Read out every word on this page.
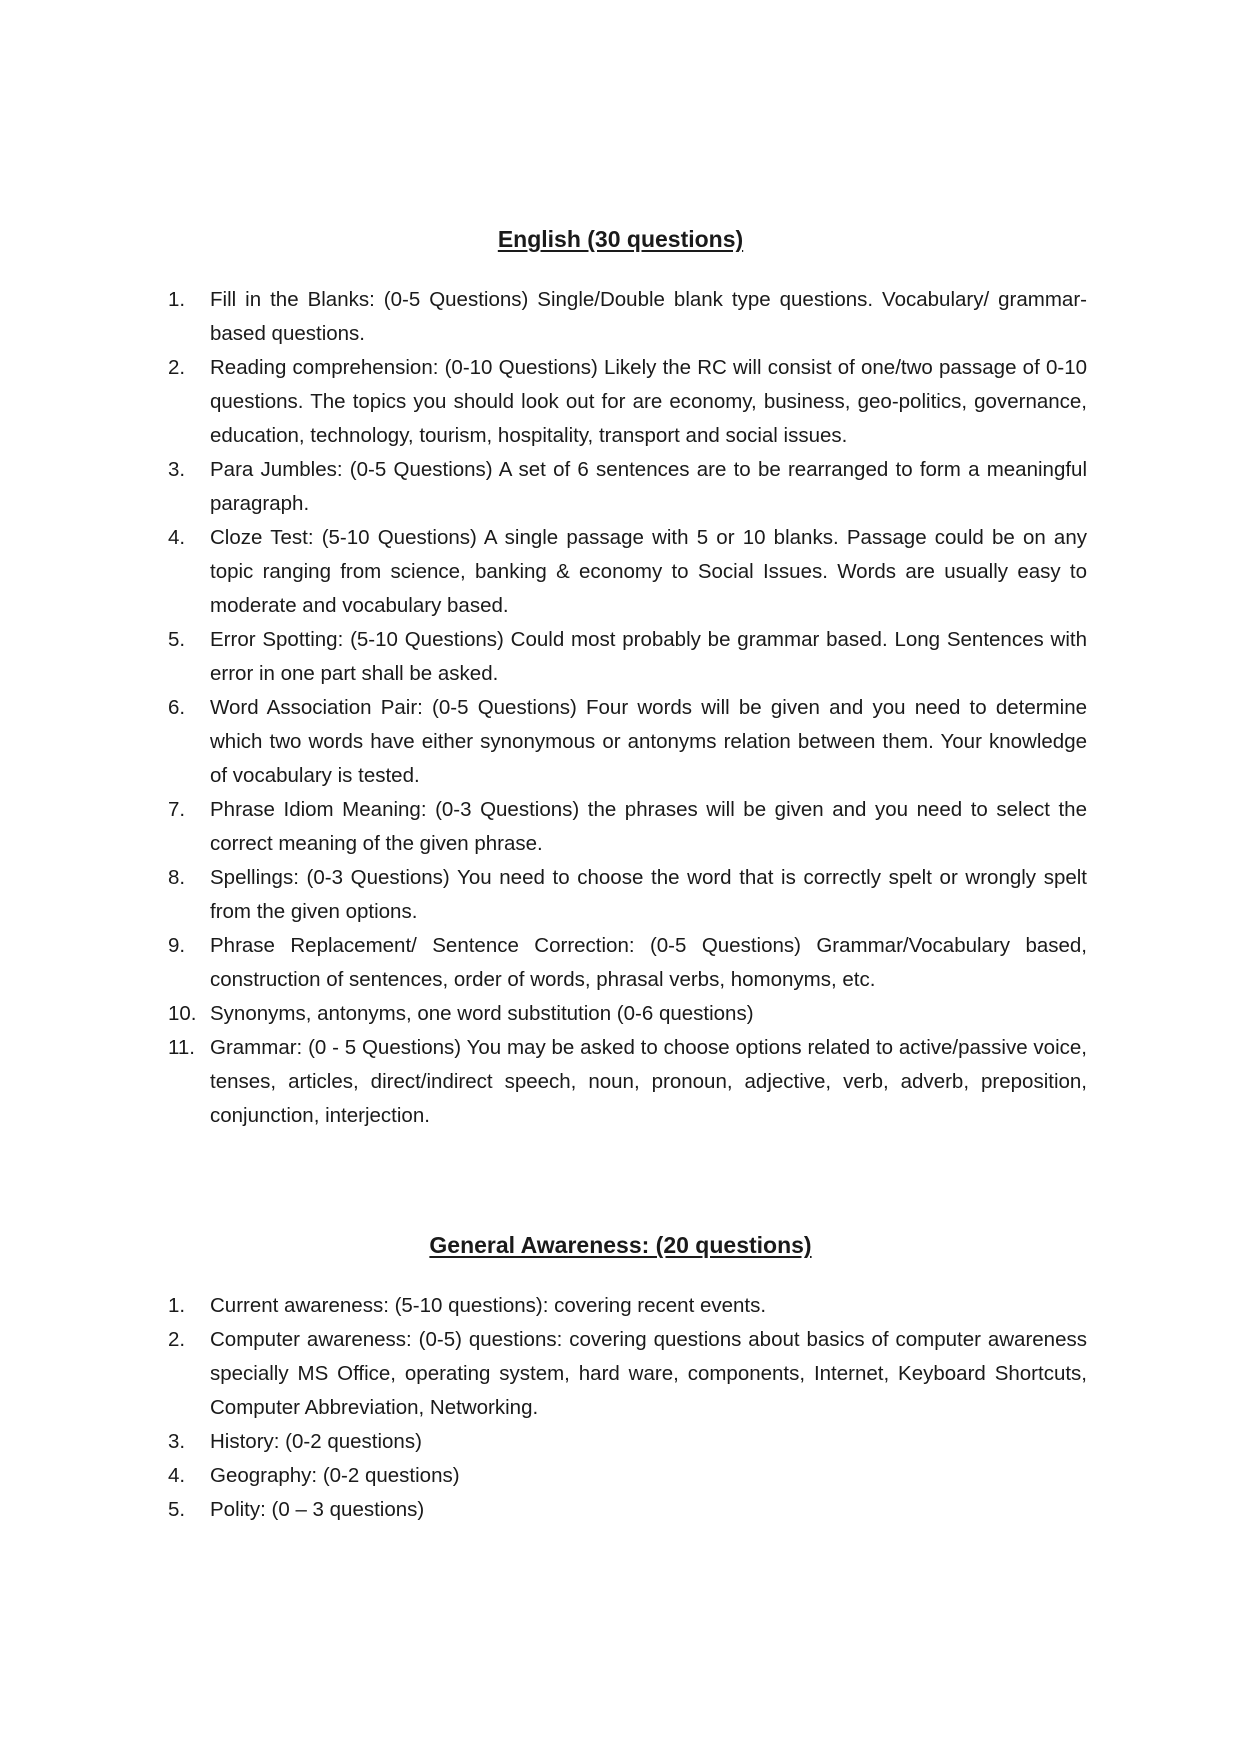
English (30 questions)
1.	Fill in the Blanks: (0-5 Questions) Single/Double blank type questions. Vocabulary/ grammar-based questions.
2.	Reading comprehension: (0-10 Questions) Likely the RC will consist of one/two passage of 0-10 questions. The topics you should look out for are economy, business, geo-politics, governance, education, technology, tourism, hospitality, transport and social issues.
3.	Para Jumbles: (0-5 Questions) A set of 6 sentences are to be rearranged to form a meaningful paragraph.
4.	Cloze Test: (5-10 Questions) A single passage with 5 or 10 blanks. Passage could be on any topic ranging from science, banking & economy to Social Issues. Words are usually easy to moderate and vocabulary based.
5.	Error Spotting: (5-10 Questions) Could most probably be grammar based. Long Sentences with error in one part shall be asked.
6.	Word Association Pair: (0-5 Questions) Four words will be given and you need to determine which two words have either synonymous or antonyms relation between them. Your knowledge of vocabulary is tested.
7.	Phrase Idiom Meaning: (0-3 Questions) the phrases will be given and you need to select the correct meaning of the given phrase.
8.	Spellings: (0-3 Questions) You need to choose the word that is correctly spelt or wrongly spelt from the given options.
9.	Phrase Replacement/ Sentence Correction: (0-5 Questions) Grammar/Vocabulary based, construction of sentences, order of words, phrasal verbs, homonyms, etc.
10. Synonyms, antonyms, one word substitution (0-6 questions)
11. Grammar: (0 - 5 Questions) You may be asked to choose options related to active/passive voice, tenses, articles, direct/indirect speech, noun, pronoun, adjective, verb, adverb, preposition, conjunction, interjection.
General Awareness: (20 questions)
1.	Current awareness: (5-10 questions): covering recent events.
2.	Computer awareness: (0-5) questions: covering questions about basics of computer awareness specially MS Office, operating system, hard ware, components, Internet, Keyboard Shortcuts, Computer Abbreviation, Networking.
3.	History: (0-2 questions)
4.	Geography: (0-2 questions)
5.	Polity: (0 – 3 questions)
